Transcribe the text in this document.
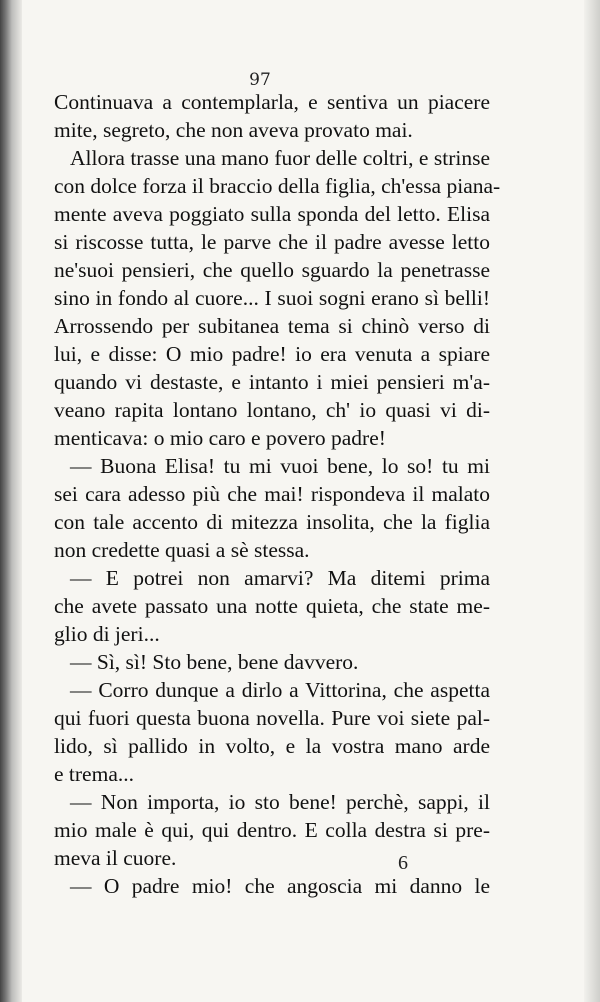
97
Continuava a contemplarla, e sentiva un piacere
mite, segreto, che non aveva provato mai.
Allora trasse una mano fuor delle coltri, e strinse
con dolce forza il braccio della figlia, ch'essa piana-
mente aveva poggiato sulla sponda del letto. Elisa
si riscosse tutta, le parve che il padre avesse letto
ne'suoi pensieri, che quello sguardo la penetrasse
sino in fondo al cuore... I suoi sogni erano sì belli!
Arrossendo per subitanea tema si chinò verso di
lui, e disse: O mio padre! io era venuta a spiare
quando vi destaste, e intanto i miei pensieri m'a-
veano rapita lontano lontano, ch' io quasi vi di-
menticava: o mio caro e povero padre!
— Buona Elisa! tu mi vuoi bene, lo so! tu mi
sei cara adesso più che mai! rispondeva il malato
con tale accento di mitezza insolita, che la figlia
non credette quasi a sè stessa.
— E potrei non amarvi? Ma ditemi prima
che avete passato una notte quieta, che state me-
glio di jeri...
— Sì, sì! Sto bene, bene davvero.
— Corro dunque a dirlo a Vittorina, che aspetta
qui fuori questa buona novella. Pure voi siete pal-
lido, sì pallido in volto, e la vostra mano arde
e trema...
— Non importa, io sto bene! perchè, sappi, il
mio male è qui, qui dentro. E colla destra si pre-
meva il cuore.
— O padre mio! che angoscia mi danno le
6
